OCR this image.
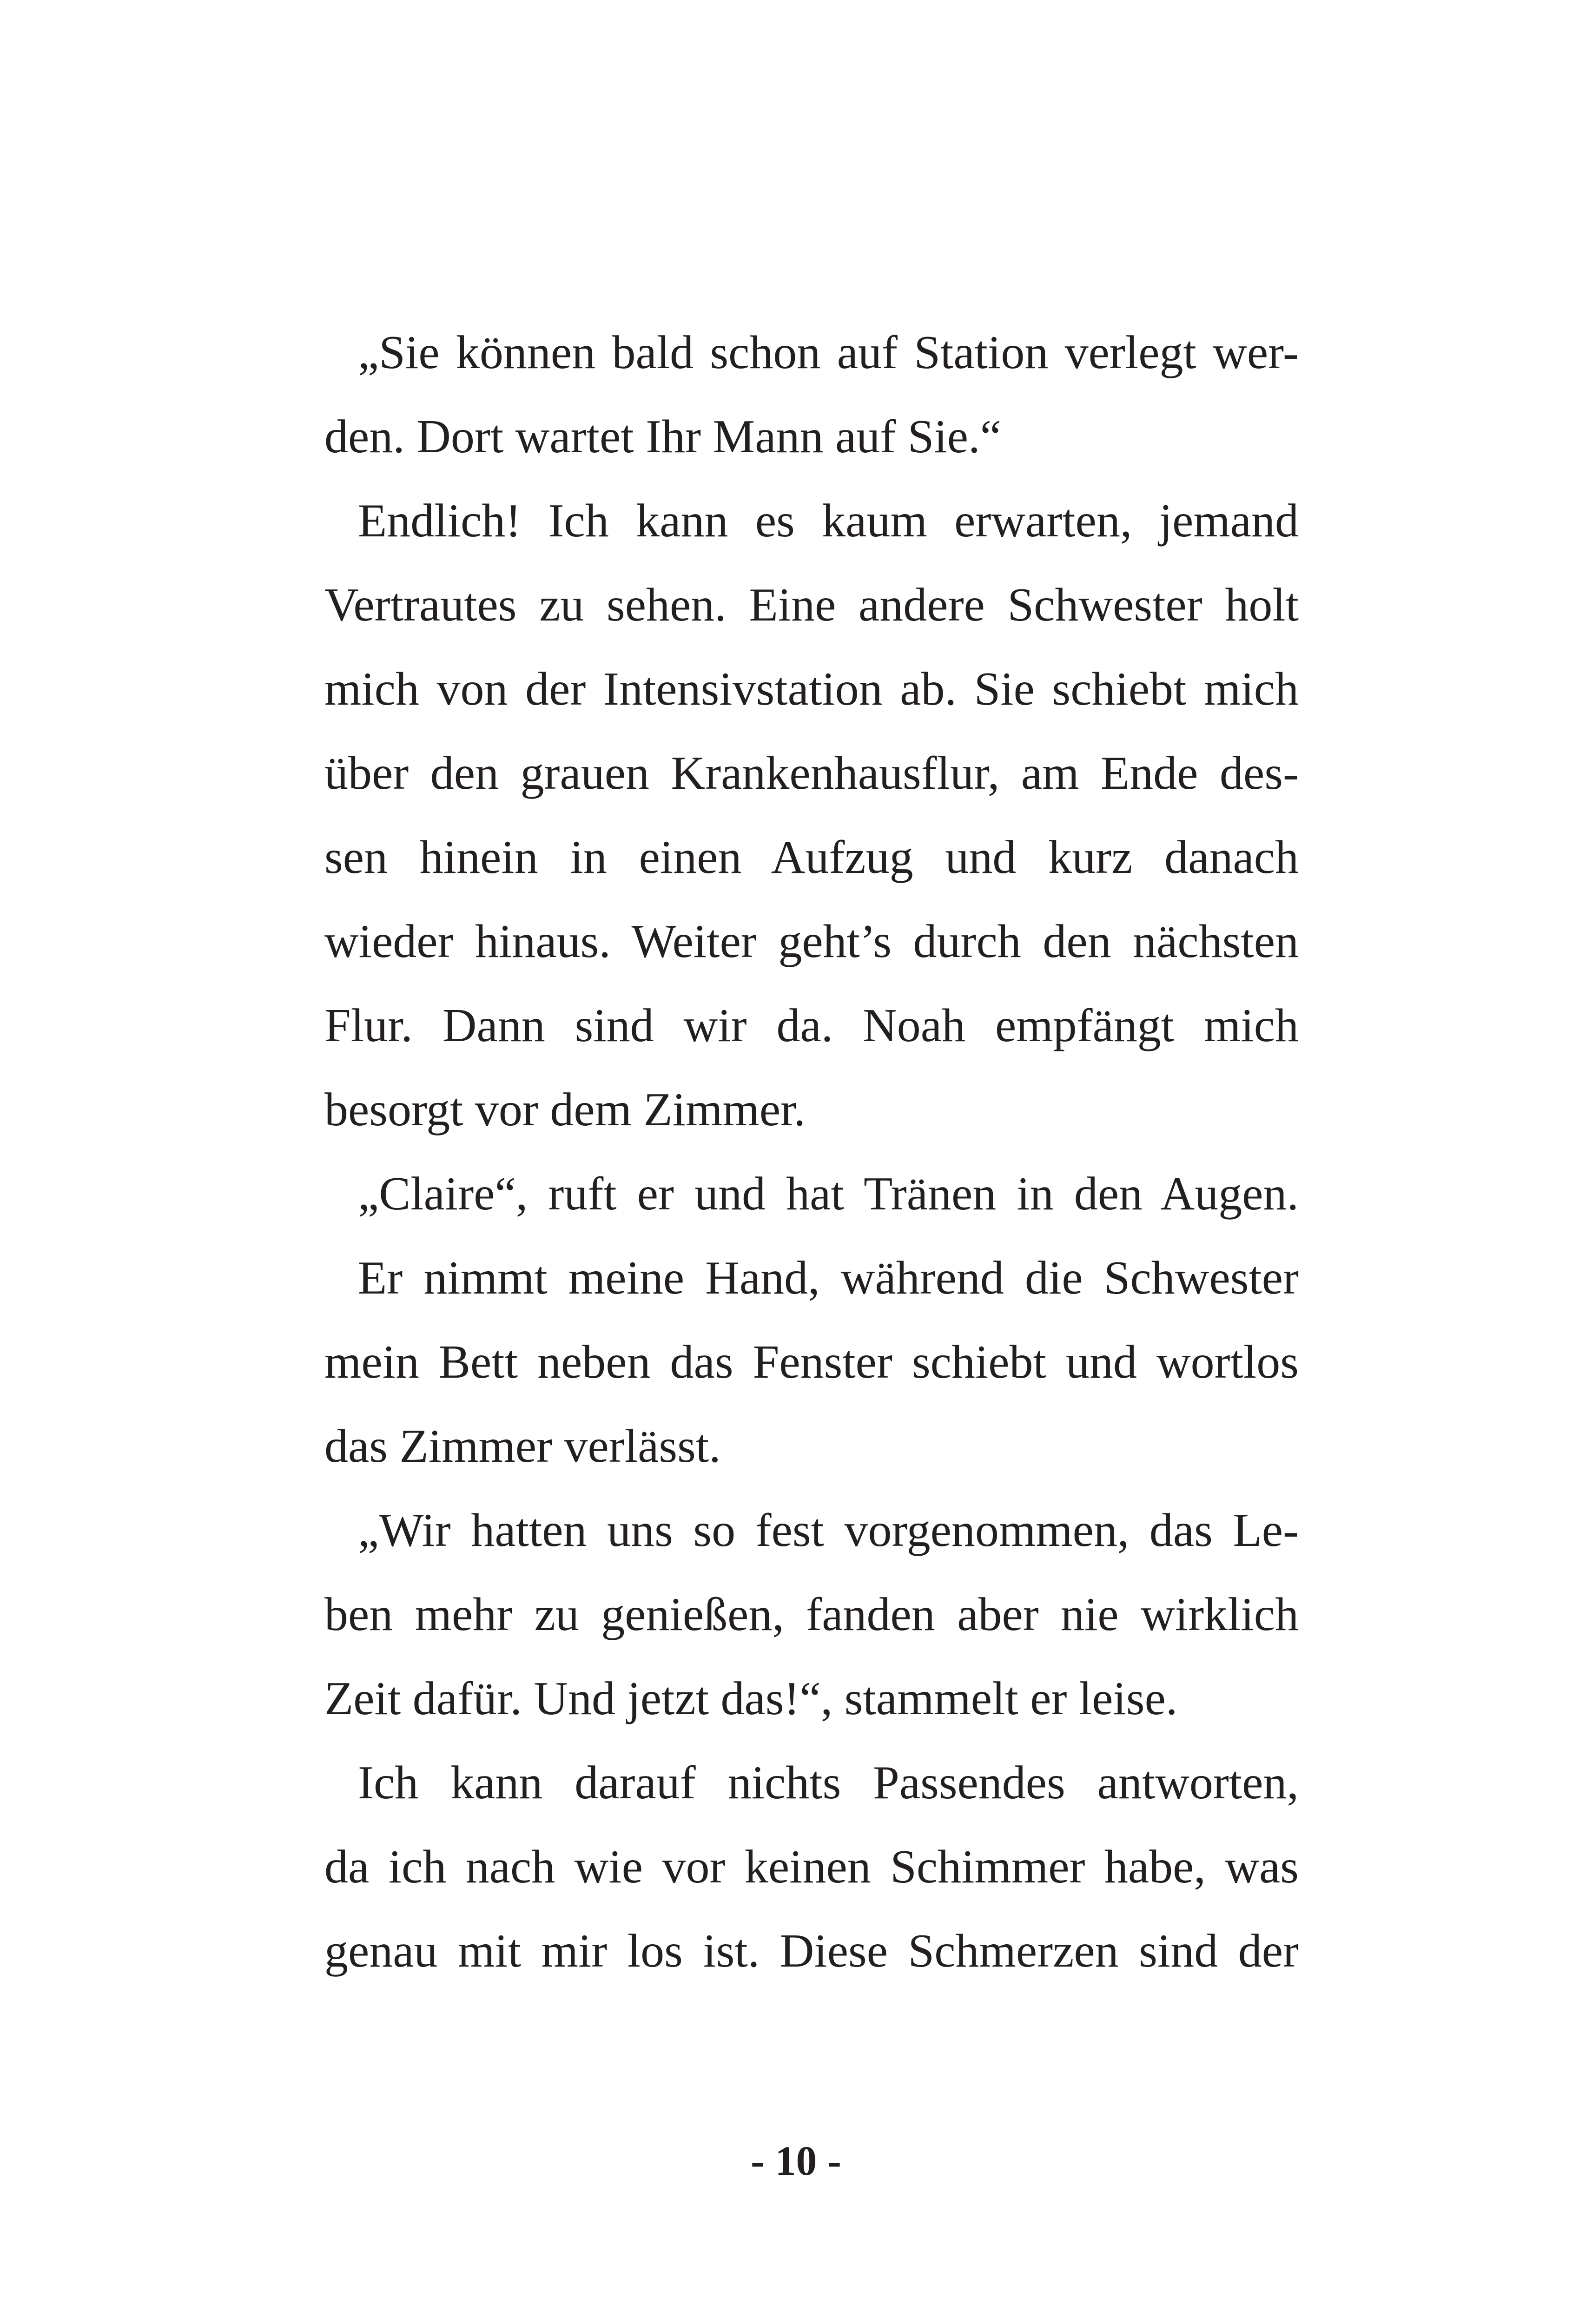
„Sie können bald schon auf Station verlegt wer-
den. Dort wartet Ihr Mann auf Sie.“
Endlich! Ich kann es kaum erwarten, jemand
Vertrautes zu sehen. Eine andere Schwester holt
mich von der Intensivstation ab. Sie schiebt mich
über den grauen Krankenhausflur, am Ende des-
sen hinein in einen Aufzug und kurz danach
wieder hinaus. Weiter geht’s durch den nächsten
Flur. Dann sind wir da. Noah empfängt mich
besorgt vor dem Zimmer.
„Claire“, ruft er und hat Tränen in den Augen.
Er nimmt meine Hand, während die Schwester
mein Bett neben das Fenster schiebt und wortlos
das Zimmer verlässt.
„Wir hatten uns so fest vorgenommen, das Le-
ben mehr zu genießen, fanden aber nie wirklich
Zeit dafür. Und jetzt das!“, stammelt er leise.
Ich kann darauf nichts Passendes antworten,
da ich nach wie vor keinen Schimmer habe, was
genau mit mir los ist. Diese Schmerzen sind der
- 10 -
